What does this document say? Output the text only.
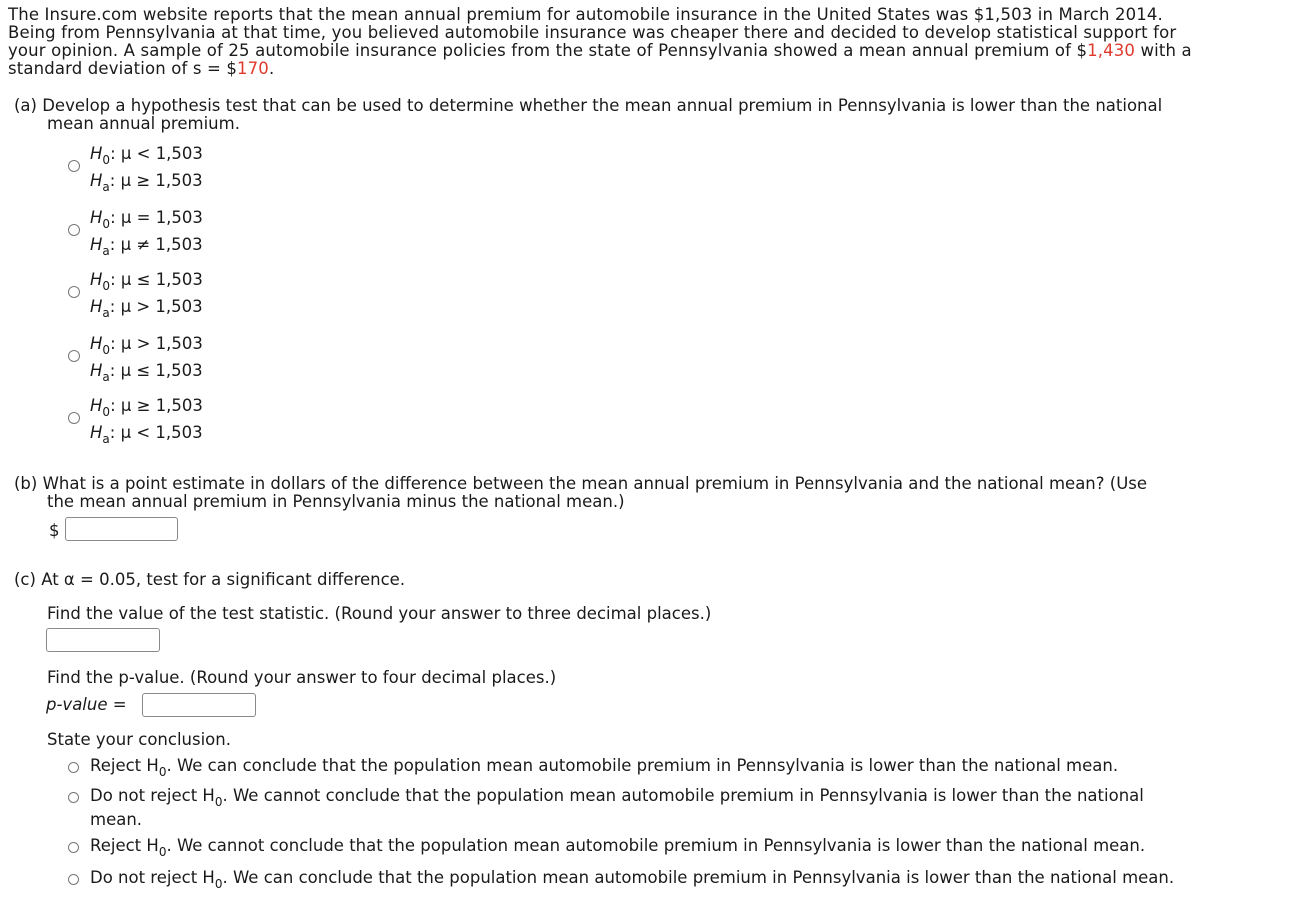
The Insure.com website reports that the mean annual premium for automobile insurance in the United States was $1,503 in March 2014.
Being from Pennsylvania at that time, you believed automobile insurance was cheaper there and decided to develop statistical support for
your opinion. A sample of 25 automobile insurance policies from the state of Pennsylvania showed a mean annual premium of $1,430 with a
standard deviation of s = $170.
(a) Develop a hypothesis test that can be used to determine whether the mean annual premium in Pennsylvania is lower than the national
mean annual premium.
$H_0$: μ < 1,503
$H_a$: μ ≥ 1,503
$H_0$: μ = 1,503
$H_a$: μ ≠ 1,503
$H_0$: μ ≤ 1,503
$H_a$: μ > 1,503
$H_0$: μ > 1,503
$H_a$: μ ≤ 1,503
$H_0$: μ ≥ 1,503
$H_a$: μ < 1,503
(b) What is a point estimate in dollars of the difference between the mean annual premium in Pennsylvania and the national mean? (Use
the mean annual premium in Pennsylvania minus the national mean.)
$
(c) At α = 0.05, test for a significant difference.
Find the value of the test statistic. (Round your answer to three decimal places.)
Find the p-value. (Round your answer to four decimal places.)
p-value =
State your conclusion.
Reject $H_0$. We can conclude that the population mean automobile premium in Pennsylvania is lower than the national mean.
Do not reject $H_0$. We cannot conclude that the population mean automobile premium in Pennsylvania is lower than the national
mean.
Reject $H_0$. We cannot conclude that the population mean automobile premium in Pennsylvania is lower than the national mean.
Do not reject $H_0$. We can conclude that the population mean automobile premium in Pennsylvania is lower than the national mean.
